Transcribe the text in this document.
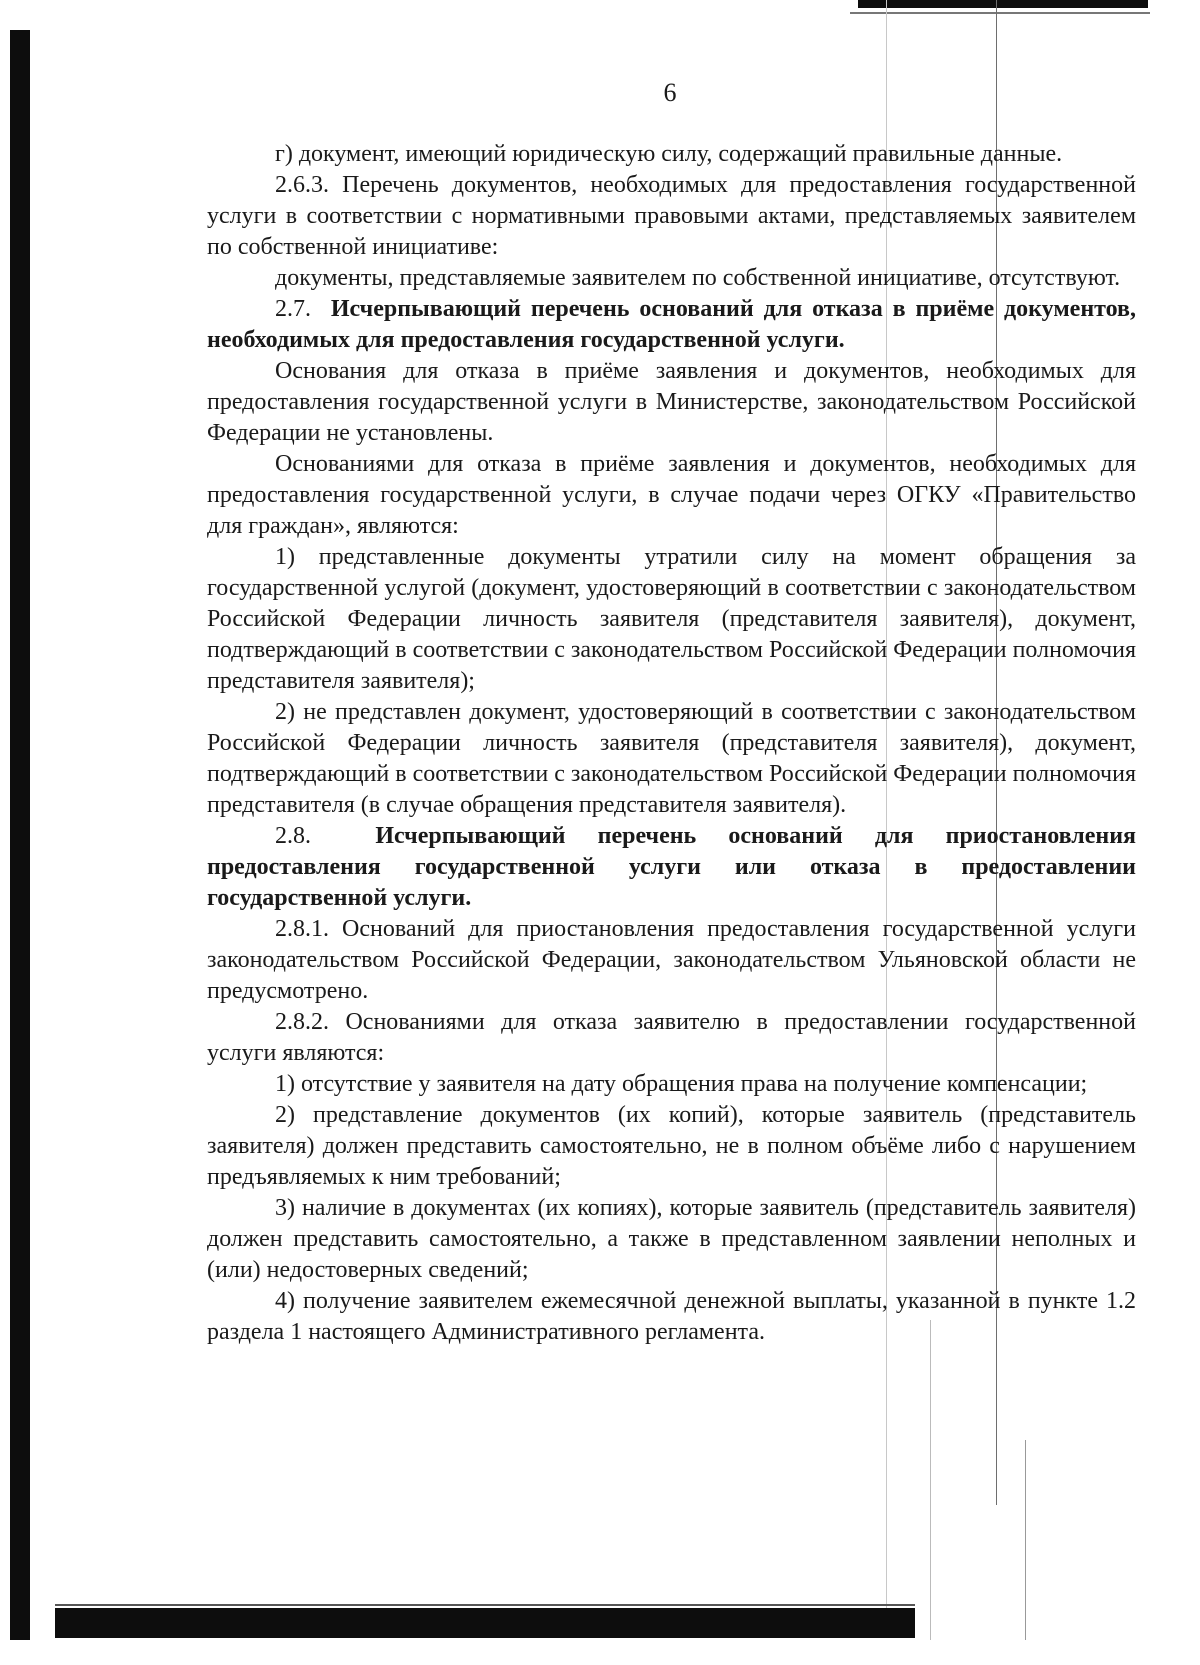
6

г) документ, имеющий юридическую силу, содержащий правильные данные.

2.6.3. Перечень документов, необходимых для предоставления государственной услуги в соответствии с нормативными правовыми актами, представляемых заявителем по собственной инициативе:

документы, представляемые заявителем по собственной инициативе, отсутствуют.

2.7. Исчерпывающий перечень оснований для отказа в приёме документов, необходимых для предоставления государственной услуги.

Основания для отказа в приёме заявления и документов, необходимых для предоставления государственной услуги в Министерстве, законодательством Российской Федерации не установлены.

Основаниями для отказа в приёме заявления и документов, необходимых для предоставления государственной услуги, в случае подачи через ОГКУ «Правительство для граждан», являются:

1) представленные документы утратили силу на момент обращения за государственной услугой (документ, удостоверяющий в соответствии с законодательством Российской Федерации личность заявителя (представителя заявителя), документ, подтверждающий в соответствии с законодательством Российской Федерации полномочия представителя заявителя);

2) не представлен документ, удостоверяющий в соответствии с законодательством Российской Федерации личность заявителя (представителя заявителя), документ, подтверждающий в соответствии с законодательством Российской Федерации полномочия представителя (в случае обращения представителя заявителя).

2.8.	Исчерпывающий перечень оснований для приостановления предоставления государственной услуги или отказа в предоставлении государственной услуги.

2.8.1. Оснований для приостановления предоставления государственной услуги законодательством Российской Федерации, законодательством Ульяновской области не предусмотрено.

2.8.2. Основаниями для отказа заявителю в предоставлении государственной услуги являются:

1) отсутствие у заявителя на дату обращения права на получение компенсации;

2) представление документов (их копий), которые заявитель (представитель заявителя) должен представить самостоятельно, не в полном объёме либо с нарушением предъявляемых к ним требований;

3) наличие в документах (их копиях), которые заявитель (представитель заявителя) должен представить самостоятельно, а также в представленном заявлении неполных и (или) недостоверных сведений;

4) получение заявителем ежемесячной денежной выплаты, указанной в пункте 1.2 раздела 1 настоящего Административного регламента.
